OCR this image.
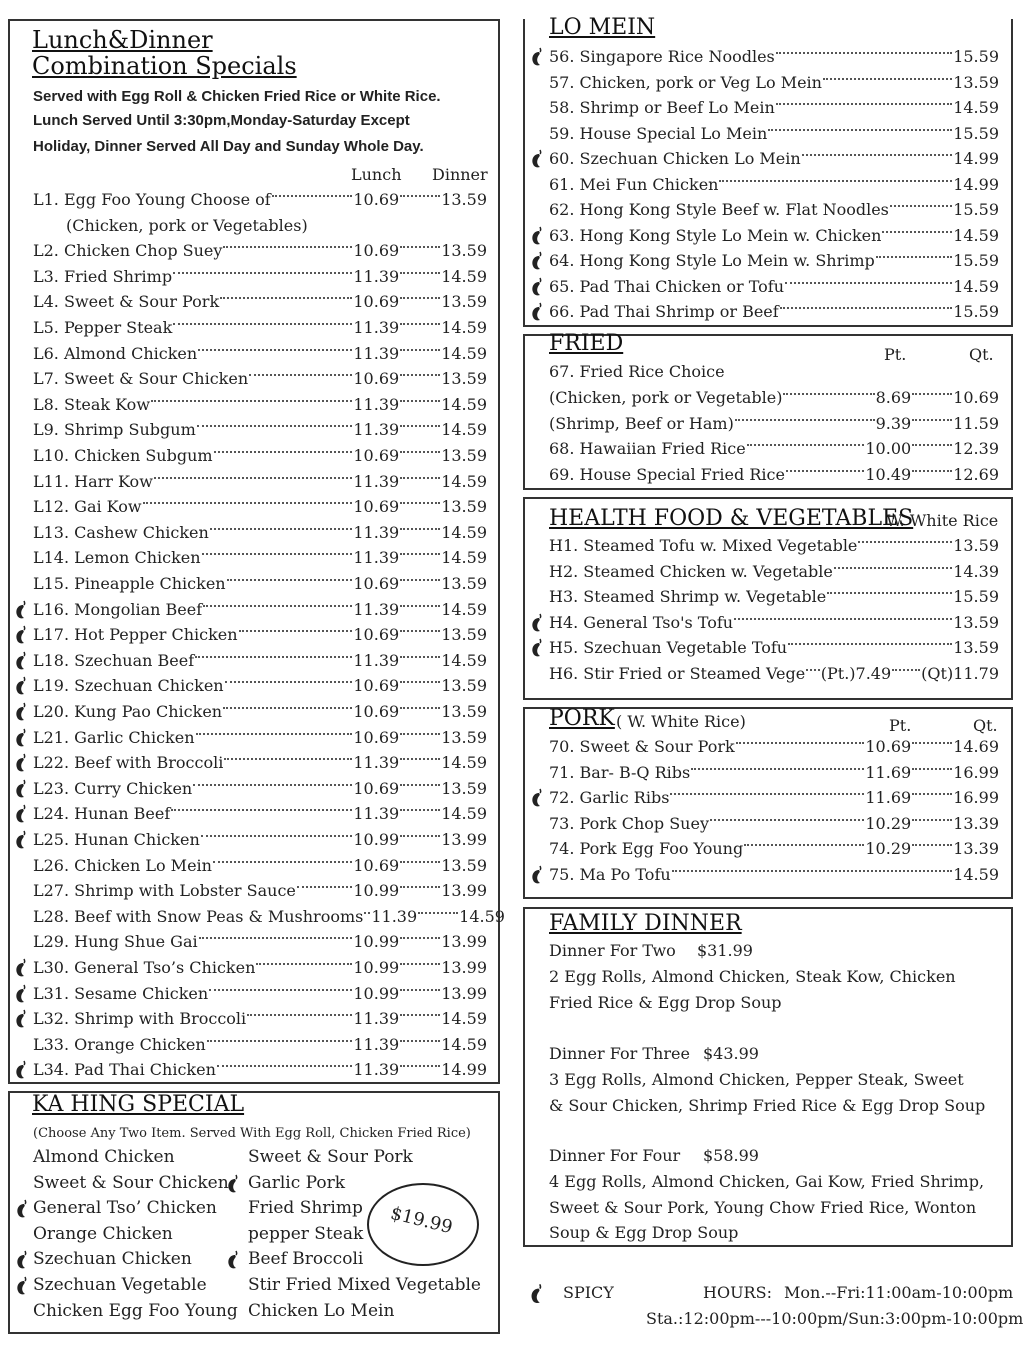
Lunch&Dinner
Combination Specials
Served with Egg Roll & Chicken Fried Rice or White Rice.
Lunch Served Until 3:30pm,Monday-Saturday Except
Holiday, Dinner Served All Day and Sunday Whole Day.
Lunch Dinner
L1. Egg Foo Young Choose of	10.69	13.59
(Chicken, pork or Vegetables)
L2. Chicken Chop Suey	10.69	13.59
L3. Fried Shrimp	11.39	14.59
L4. Sweet & Sour Pork	10.69	13.59
L5. Pepper Steak	11.39	14.59
L6. Almond Chicken	11.39	14.59
L7. Sweet & Sour Chicken	10.69	13.59
L8. Steak Kow	11.39	14.59
L9. Shrimp Subgum	11.39	14.59
L10. Chicken Subgum	10.69	13.59
L11. Harr Kow	11.39	14.59
L12. Gai Kow	10.69	13.59
L13. Cashew Chicken	11.39	14.59
L14. Lemon Chicken	11.39	14.59
L15. Pineapple Chicken	10.69	13.59
L16. Mongolian Beef	11.39	14.59
L17. Hot Pepper Chicken	10.69	13.59
L18. Szechuan Beef	11.39	14.59
L19. Szechuan Chicken	10.69	13.59
L20. Kung Pao Chicken	10.69	13.59
L21. Garlic Chicken	10.69	13.59
L22. Beef with Broccoli	11.39	14.59
L23. Curry Chicken	10.69	13.59
L24. Hunan Beef	11.39	14.59
L25. Hunan Chicken	10.99	13.99
L26. Chicken Lo Mein	10.69	13.59
L27. Shrimp with Lobster Sauce	10.99	13.99
L28. Beef with Snow Peas & Mushrooms 11.39	14.59
L29. Hung Shue Gai	10.99	13.99
L30. General Tso’s Chicken	10.99	13.99
L31. Sesame Chicken	10.99	13.99
L32. Shrimp with Broccoli	11.39	14.59
L33. Orange Chicken	11.39	14.59
L34. Pad Thai Chicken	11.39	14.99
KA HING SPECIAL
(Choose Any Two Item. Served With Egg Roll, Chicken Fried Rice)
Almond Chicken
Sweet & Sour Chicken
General Tso’ Chicken
Orange Chicken
Szechuan Chicken
Szechuan Vegetable
Chicken Egg Foo Young
Sweet & Sour Pork
Garlic Pork
Fried Shrimp
pepper Steak
Beef Broccoli
Stir Fried Mixed Vegetable
Chicken Lo Mein
$19.99
LO MEIN
56. Singapore Rice Noodles	15.59
57. Chicken, pork or Veg Lo Mein	13.59
58. Shrimp or Beef Lo Mein	14.59
59. House Special Lo Mein	15.59
60. Szechuan Chicken Lo Mein	14.99
61. Mei Fun Chicken	14.99
62. Hong Kong Style Beef w. Flat Noodles	15.59
63. Hong Kong Style Lo Mein w. Chicken	14.59
64. Hong Kong Style Lo Mein w. Shrimp	15.59
65. Pad Thai Chicken or Tofu	14.59
66. Pad Thai Shrimp or Beef	15.59
FRIED	Pt.	Qt.
67. Fried Rice Choice
(Chicken, pork or Vegetable)	8.69	10.69
(Shrimp, Beef or Ham)	9.39	11.59
68. Hawaiian Fried Rice	10.00	12.39
69. House Special Fried Rice	10.49	12.69
HEALTH FOOD & VEGETABLES
W. White Rice
H1. Steamed Tofu w. Mixed Vegetable	13.59
H2. Steamed Chicken w. Vegetable	14.39
H3. Steamed Shrimp w. Vegetable	15.59
H4. General Tso's Tofu	13.59
H5. Szechuan Vegetable Tofu	13.59
H6. Stir Fried or Steamed Vege (Pt.)7.49 (Qt)11.79
PORK ( W. White Rice)	Pt.	Qt.
70. Sweet & Sour Pork	10.69	14.69
71. Bar- B-Q Ribs	11.69	16.99
72. Garlic Ribs	11.69	16.99
73. Pork Chop Suey	10.29	13.39
74. Pork Egg Foo Young	10.29	13.39
75. Ma Po Tofu	14.59
FAMILY DINNER
Dinner For Two $31.99
2 Egg Rolls, Almond Chicken, Steak Kow, Chicken
Fried Rice & Egg Drop Soup
Dinner For Three $43.99
3 Egg Rolls, Almond Chicken, Pepper Steak, Sweet
& Sour Chicken, Shrimp Fried Rice & Egg Drop Soup
Dinner For Four $58.99
4 Egg Rolls, Almond Chicken, Gai Kow, Fried Shrimp,
Sweet & Sour Pork, Young Chow Fried Rice, Wonton
Soup & Egg Drop Soup
SPICY	HOURS: Mon.--Fri:11:00am-10:00pm
Sta.:12:00pm---10:00pm/Sun:3:00pm-10:00pm
